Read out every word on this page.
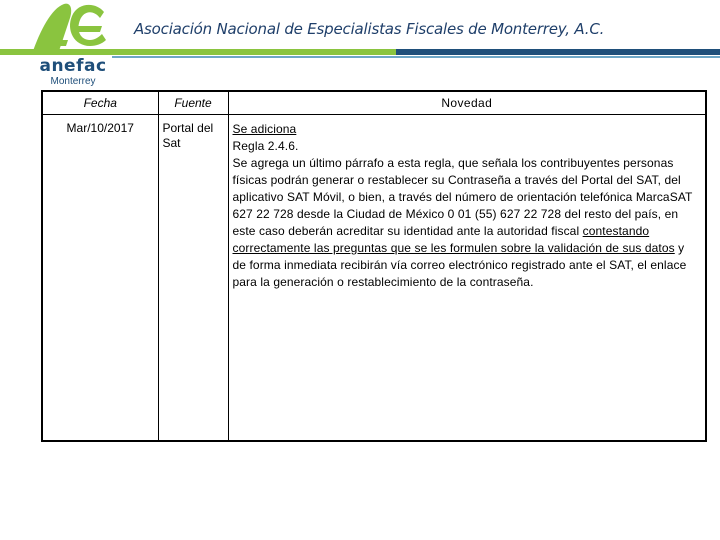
anefac
Monterrey
Asociación Nacional de Especialistas Fiscales de Monterrey, A.C.
Fecha	Fuente	Novedad
Mar/10/2017	Portal del Sat	Se adiciona

Regla 2.4.6.

Se agrega un último párrafo a esta regla, que señala los contribuyentes personas físicas podrán generar o restablecer su Contraseña a través del Portal del SAT, del aplicativo SAT Móvil, o bien, a través del número de orientación telefónica MarcaSAT 627 22 728 desde la Ciudad de México 0 01 (55) 627 22 728 del resto del país, en este caso deberán acreditar su identidad ante la autoridad fiscal contestando correctamente las preguntas que se les formulen sobre la validación de sus datos y de forma inmediata recibirán vía correo electrónico registrado ante el SAT, el enlace para la generación o restablecimiento de la contraseña.
